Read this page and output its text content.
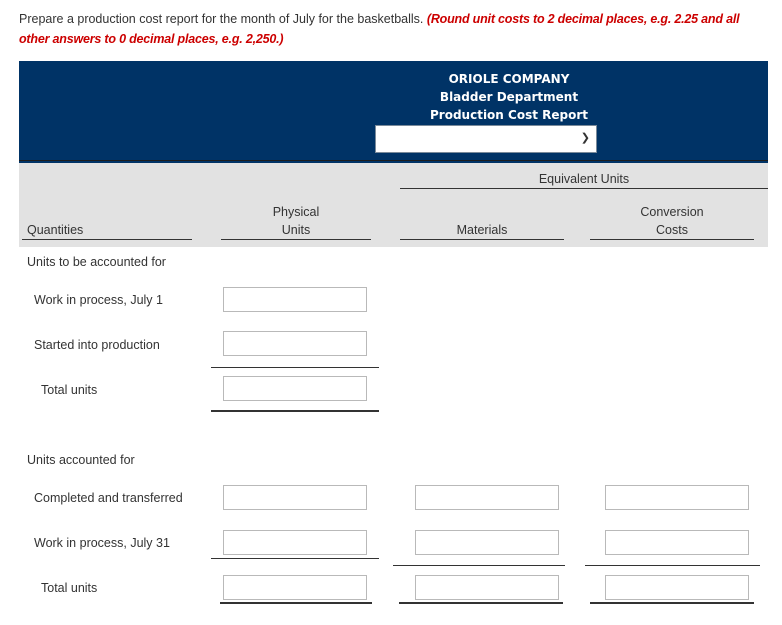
Prepare a production cost report for the month of July for the basketballs. (Round unit costs to 2 decimal places, e.g. 2.25 and all other answers to 0 decimal places, e.g. 2,250.)
ORIOLE COMPANY
Bladder Department
Production Cost Report
❯
Equivalent Units
Physical
Units
Quantities	Materials
Conversion
Costs
Units to be accounted for
Work in process, July 1
Started into production
Total units
Units accounted for
Completed and transferred
Work in process, July 31
Total units
